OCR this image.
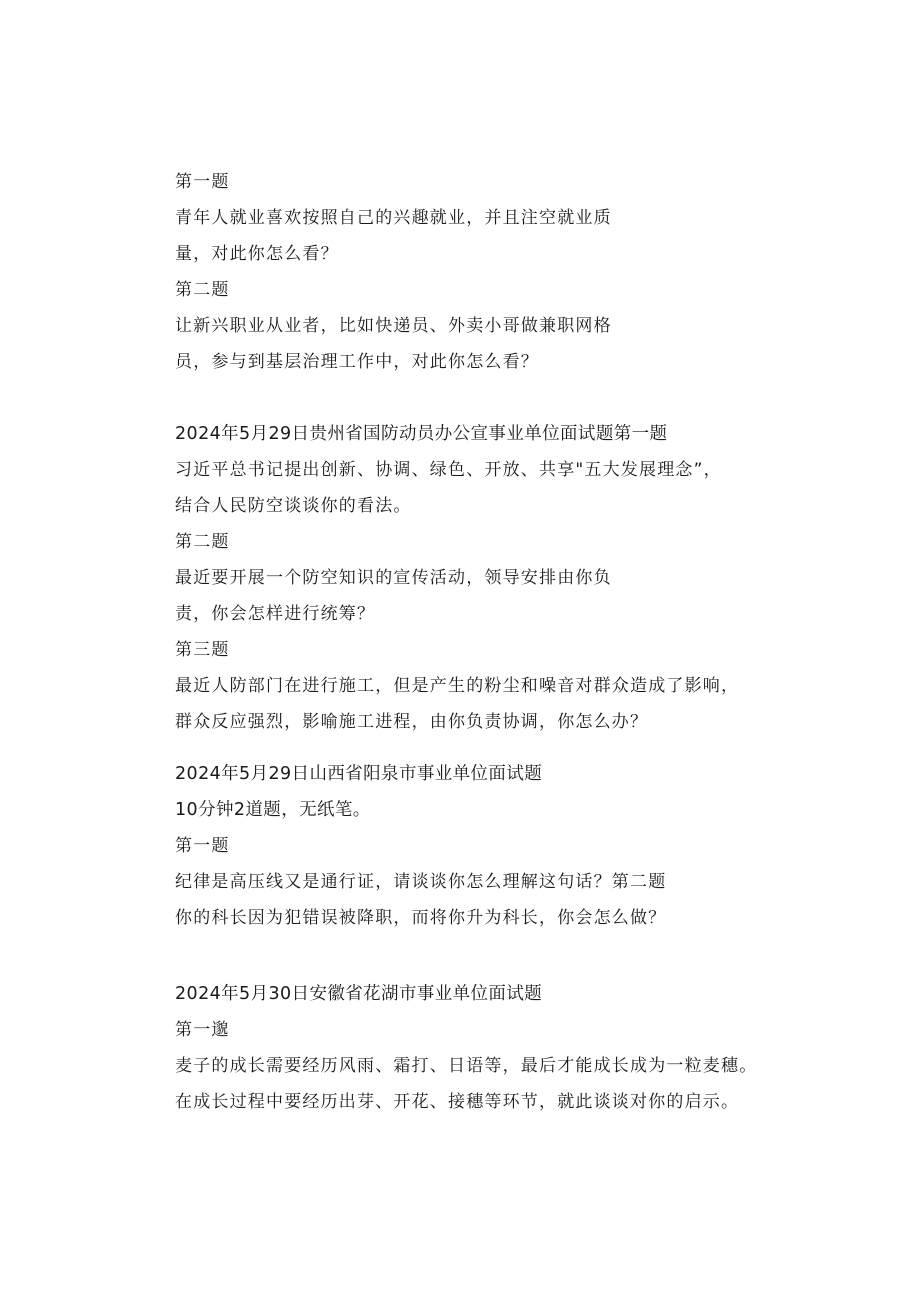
第一题
青年人就业喜欢按照自己的兴趣就业，并且注空就业质
量，对此你怎么看？
第二题
让新兴职业从业者，比如快递员、外卖小哥做兼职网格
员，参与到基层治理工作中，对此你怎么看？
2024年5月29日贵州省国防动员办公宣事业单位面试题第一题
习近平总书记提出创新、协调、绿色、开放、共享"五大发展理念”，
结合人民防空谈谈你的看法。
第二题
最近要开展一个防空知识的宣传活动，领导安排由你负
责，你会怎样进行统筹？
第三题
最近人防部门在进行施工，但是产生的粉尘和噪音对群众造成了影响，
群众反应强烈，影喻施工进程，由你负责协调，你怎么办？
2024年5月29日山西省阳泉市事业单位面试题
10分钟2道题，无纸笔。
第一题
纪律是高压线又是通行证，请谈谈你怎么理解这句话？第二题
你的科长因为犯错误被降职，而将你升为科长，你会怎么做？
2024年5月30日安徽省花湖市事业单位面试题
第一邈
麦子的成长需要经历风雨、霜打、日语等，最后才能成长成为一粒麦穗。
在成长过程中要经历出芽、开花、接穗等环节，就此谈谈对你的启示。
